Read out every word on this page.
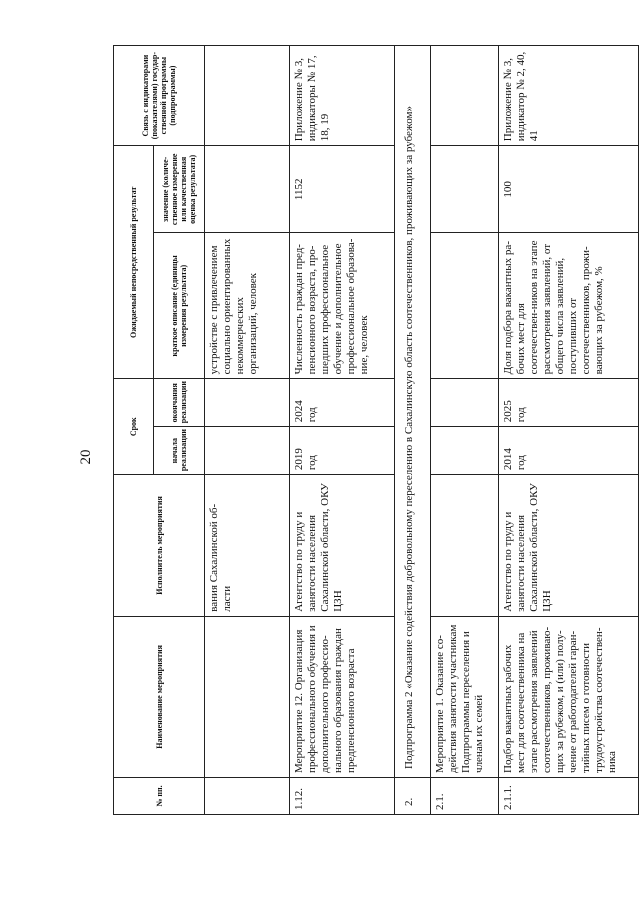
20
№ пп.	Наименование мероприятия	Исполнитель мероприятия	Срок		Ожидаемый непосредственный результат		Связь с индикаторами (показателями) государ-ственной программы (подпрограммы)
			начала реализации	окончания реализации	краткое описание (единицы измерения результата)	значение (количе-ственное измерение или качественная оценка результата)	
		вания Сахалинской об-ласти			устройстве с привлечением социально ориентированных некоммерческих организаций, человек		
1.12.	Мероприятие 12. Организация профессионального обучения и дополнительного профессио-нального образования граждан предпенсионного возраста	Агентство по труду и занятости населения Сахалинской области, ОКУ ЦЗН	2019 год	2024 год	Численность граждан пред-пенсионного возраста, про-шедших профессиональное обучение и дополнительное профессиональное образова-ние, человек	1152	Приложение № 3, индикаторы № 17, 18, 19
2.	Подпрограмма 2 «Оказание содействия добровольному переселению в Сахалинскую область соотечественников, проживающих за рубежом»						
2.1.	Мероприятие 1. Оказание со-действия занятости участникам Подпрограммы переселения и членам их семей						
2.1.1.	Подбор вакантных рабочих мест для соотечественника на этапе рассмотрения заявлений соотечественников, проживаю-щих за рубежом, и (или) полу-чение от работодателей гаран-тийных писем о готовности трудоустройства соотечествен-ника	Агентство по труду и занятости населения Сахалинской области, ОКУ ЦЗН	2014 год	2025 год	Доля подбора вакантных ра-бочих мест для соотечествен-ников на этапе рассмотрения заявлений, от общего числа заявлений, поступивших от соотечественников, прожи-вающих за рубежом, %	100	Приложение № 3, индикатор № 2, 40, 41
